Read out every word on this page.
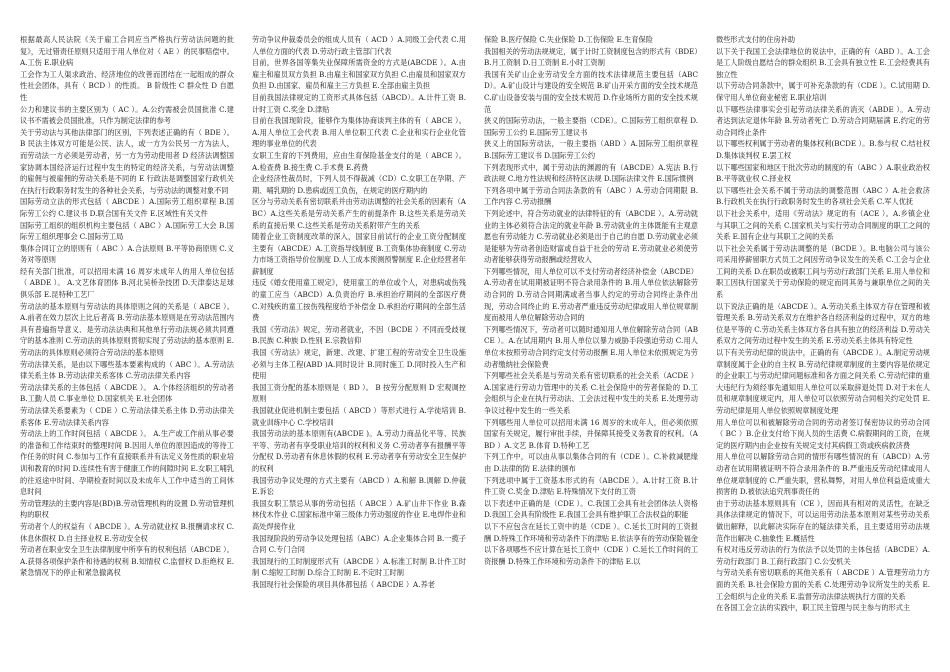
根据最高人民法院《关于雇工合同应当严格执行劳动法问题的批复》，无过错责任原则只适用于用人单位对（ AE ）的民事赔偿中。 A.工伤 E.职业病

工会作为工人渠求政治、经济地位的改善而团结在一起组成的群众性社会团体，具有（ BCD ）的性质。 B 阶级性 C 群众性 D 自愿性

公力和建议书的主要区别为（ AC ）。A.公约需被会员国批准 C.建议书不需被会员国批准，只作为制定法律的参考

关于劳动法与其他法律部门的区别，下列表述正确的有（ BDE ）。 B 民法主体双方可能是公民、法人，或一方为公民另一方为法人，而劳动法一方必须是劳动者，另一方为劳动使用者 D 经济法调整国家协调本国经济运行过程中发生的特定的经济关系，与劳动法调整的雇佣与被雇佣的劳动关系是不同的 E 行政法是调整国家行政机关在执行行政职务时发生的各种社会关系，与劳动法的调整对象不同

国际劳动立法的形式包括（ ABCDE ）A.国际劳工组织章程 B.国际劳工公约 C.建议书 D.联合国有关文件 E.区域性有关文件

国际劳工组织的组织机构主要包括（ ABC ）A.国际劳工大会 B.国际劳工组织理事会 C.国际劳工局

集体合同订立的原则有（ ABC ）A.合法原则 B.平等协商原则 C.义务对等原则

经有关部门批准，可以招用未满 16 周岁未成年人的用人单位包括（ ABDE ）。 A.文艺体育团体 B.河北吴桥杂技团 D.天津泰达足球俱乐部 E.昆特种工艺厂

劳动法的基本原则与劳动法的具体原则之间的关系是（ ABCE ）。 A.前者在效力层次上比后者高 B.劳动法基本原则是在劳动法范围内具有普遍指导意义、是劳动法法典和其他单行劳动法规必须共同遵守的基本准则 C.劳动法的具体原则贯彻实现了劳动法的基本原则 E.劳动法的具体原则必须符合劳动法的基本原则

劳动法律关系，是由以下哪些基本要素构成的（ ABC ）。A.劳动法律关系主体 B.劳动法律关系客体 C.劳动法律关系内容

劳动法律关系的主体包括（ ABCDE ）。 A.个体经济组织的劳动者 B.工勤人员 C.事业单位 D.国家机关 E.社会团体

劳动法律关系要素为（ CDE ）C.劳动法律关系主体 D.劳动法律关系客体 E.劳动法律关系内容

劳动法上的工作时间包括（ ABCDE ）。 A.生产或工作前从事必要的准备和工作结束时的整理时间 B.因用人单位的原因造成的等待工作任务的时间 C.参加与工作有直接联系并有法定义务性质的职业培训和教育的时间 D.连续性有害于健康工作的间隙时间 E.女职工哺乳的往返途中时间、孕期检查时间以及未成年人工作中适当的工间休息时间

劳动管理法的主要内容是(BD)B.劳动管理机构的设置 D.劳动管理机构的职权

劳动者个人的权益有（ ABCDE ）。A.劳动就业权 B.报酬请求权 C.休息休假权 D.自主择业权 E.劳动安全权

劳动者在职业安全卫生法律制度中所享有的权利包括（ABCDE ）。A.获得各项保护条件和待遇的权利 B.知情权 C.监督权 D.拒绝权 E.紧急情况下的停止和紧急撤离权

劳动争议仲裁委员会的组成人员有（ ACD ）A.同级工会代表 C.用人单位方面的代表 D.劳动行政主管部门代表

目前，世界各国等集失业保障所需资金的方式是(ABCDE ）。A.由雇主和雇员双方负担 B.由雇主和国家双方负担 C.由雇员和国家双方负担 D.由国家、雇员和雇主三方负担 E.全部由雇主负担

目前我国法律规定的工资形式具体包括（ABCD）。A.计件工资 B.计时工资 C.奖金 D.津贴

目前在我国现阶段，能够作为集体协商谈判主体的有（ ABCE ）。A.用人单位工会代表 B.用人单位职工代表 C.企业和实行企业化管理的事业单位的代表

女职工生育的下列费用，应由生育保险基金支付的是（ ABCE ）。A.检查费 B.接生费 C.手术费 E.药费

企业经济性裁员时，下列人员不得裁减（CD）C.女职工在孕期、产期、哺乳期的 D.患病或因工负伤，在规定的医疗期内的

区分与劳动关系有密切联系并由劳动法调整的社会关系的因素有（ABC）A.这些关系是劳动关系产生的前提条件 B.这些关系是劳动关系的直接后果 C.这些关系是劳动关系附带产生的关系

随着企业工资制度改革的深入，国家目前试行的企业工资分配制度主要有（ABCDE）A.工资指导线制度 B.工资集体协商制度 C.劳动力市场工资指导价位制度 D.人工成本预测预警制度 E.企业经营者年薪制度

违反《婚女使用童工规定》，使用童工的单位或个人，对患病或伤残的童工应当（ABCD）A.负责治疗 B.承担治疗期间的全部医疗费 C.对残疾的童工按伤残程度给予补偿金 D.承担治疗期间的全部生活费

我国《劳动法》规定，劳动者就业，不因（BCDE ）不同而受歧视 B.民族 C.种族 D.性别 E.宗教信仰

我国《劳动法》规定，新建、改建、扩建工程的劳动安全卫生设施必须与主体工程(ABD )A.同时设计 B.同时施工 D.同时投入生产和使用

我国工资分配的基本原则是（ BD ）。 B 按劳分配原则 D 宏观调控原则

我国就业促进机制主要包括（ ABCD ）等形式进行 A.学徒培训 B.就业训练中心 C.学校培训

我国劳动法的基本原则有(ABCDE )。A.劳动力商品化平等、民族平等、劳动者有享受职业培训的权利和义务 C.劳动者享有报酬平等分配权 D.劳动者有休息休假的权利 E.劳动者享有劳动安全卫生保护的权利

我国劳动争议处理的方式主要有（ABCD ）A.和解 B.调解 D.仲裁 E.诉讼

我国女职工禁忌从事的劳动包括（ ABCE ）A.矿山井下作业 B.森林伐木作业 C.国家标准中第三级体力劳动强度的作业 E.电焊作业和高处焊接作业

我国现阶段的劳动争议处理包括（ABC）A.企业集体合同 B.一揽子合同 C.专门合同

我国现行的工时制度形式有（ABCDE ）A.标准工时制 B.计件工时制 C.缩短工时制 D.综合工时制 E.不定时工时制

我国现行社会保险的项目具体都包括（ ABCDE ）A.养老

保险 B.医疗保险 C.失业保险 D.工伤保险 E.生育保险

我国相关的劳动法规规定，属于计时工资制度包含的形式有（BDE）B.月工资制 D.日工资制 E.小时工资制

我国有关矿山企业劳动安全方面的技术法律规范主要包括（ABCD）。A.矿山设计与建设的安全规范 B.矿山开采方面的安全技术规范 C.矿山设备安装与面的安全技术规范 D.作业场所方面的安全技术规范

狭义的国际劳动法，一般主要指（CDE）。C.国际劳工组织章程 D.国际劳工公约 E.国际劳工建议书

狭义上的国际劳动法，一般主要指（ABD ）A.国际劳工组织章程 B.国际劳工建议书 D.国际劳工公约

下列表现形式中，属于劳动法的渊源的有（ABCDE）A.宪法 B.行政法规 C.地方性法规和经济特区法规 D.国际法律文件 E.国际惯例

下列各项中属于劳动合同法条款的有（ABC ）A.劳动合同期限 B.工作内容 C.劳动报酬

下列论述中，符合劳动就业的法律特征的有（ABCDE ）。A.劳动就业的主体必须符合法定的就业年龄 B.劳动就业的主体既能有主观意愿也有劳动能力 C.劳动就业必须是出于自己的自愿 D.劳动就业必须是能够为劳动者创造财富或自益于社会的劳动 E.劳动就业必须使劳动者能够获得劳动报酬或经营收入

下列哪些情况，用人单位可以不支付劳动者经济补偿金（ABCDE）A.劳动者在试用期被证明不符合录用条件的 B.用人单位依法解除劳动合同的 D.劳动合同期满或者当事人约定的劳动合同终止条件出现，劳动合同终止的 E.劳动者严重违反劳动纪律或用人单位规章制度而被用人单位解除劳动合同的

下列哪些情况下，劳动者可以随时通知用人单位解除劳动合同（ABCE ）。A.在试用期内 B.用人单位以暴力威胁手段强迫劳动 C.用人单位未按照劳动合同约定支付劳动报酬 E.用人单位未依照规定为劳动者缴纳社会保险费

下列哪些社会关系是与劳动关系有密切联系的社会关系（ACDE ）A.国家进行劳动力管理中的关系 C.社会保险中的劳者保险的 D.工会组织与企业在执行劳动法、工会法过程中发生的关系 E.处理劳动争议过程中发生的一些关系

下列哪些用人单位可以招用未满 16 周岁的未成年人，但必须依照国家有关规定，履行审批手续，并保障其接受义务教育的权利。（ABD ）A.文艺 B.体育 D.特种工艺

下列工作中，可以由从事以集体合同的有（CDE ）。C.补救减肥缘由 D.法律的防 E.法律的颁布

下列选项中属于工资基本形式的有（ABCDE ）。A.计时工资 B.计件工资 C.奖金 D.津贴 E.特殊情况下支付的工资

以下表述中正确的是（CDE ）。C.我国工会具有社会团体法人资格 D.我国工会具有阶级性 E.我国工会具有维护职工合法权益的职能

以下不应包含在延长工资中的是（CDE ）。C.延长工时间的工资报酬 D.特殊工作环境和劳动条件下的津贴 E.依法享有的劳动保险福金

以下各项哪些不应计算在延长工资中（CDE ）C.延长工作时间的工资报酬 D.特殊工作环境和劳动条件下的津贴 E.以

微些形式支付的住房补助

以下关于我国工会法律地位的说法中，正确的有（ABD ）。A.工会是工人阶级自愿结合的群众组织 B.工会具有独立性 E.工会经费具有独立性

以下劳动合同条款中，属于可补充条款的有（CDE ）。C.试用期 D.保守用人单位商业秘密 E.职业培训

以下哪些法律事实会引起劳动法律关系的消灭（ABDE ）。A.劳动者达到法定退休年龄 B.劳动者死亡 D.劳动合同期届满 E.约定的劳动合同终止条件

以下哪些权利属于劳动者的集体权利(BCDE ）。B.参与权 C.结社权 D.集体谈判权 E.罢工权

以下哪些国家和地区于批次劳动的制度的有（ABC ）A.职业政治权 B.平等就业权 C.择业权

以下哪些社会关系不属于劳动法的调整范围（ABC ）A.社会救济 B.行政机关在执行行政职务时发生的各项社会关系 C.军人优抚

以下社会关系中，适用《劳动法》规定的有（ACE ）。A.乡镇企业与其职工之间的关系 C.国家机关与实行劳动合同制度的职工之间的关系 E.国有企业与其职工之间的关系

以下社会关系属于劳动法调整的是（BCDE ）。B.电脑公司与该公司采用停薪留职方式员工之间因劳动争议发生的关系 C.工会与企业工间的关系 D.在职员或被职工间与劳动行政部门关系 E.用人单位和职工因执行国家关于劳动保险的规定而同其务与兼职单位之间的关系

以下说法正确的是（ABCDE ）。A.劳动关系主体双方存在管理和被管理关系 B.劳动关系双方在维护各自经济利益的过程中，双方的地位是平等的 C.劳动关系主体双方各自具有独立的经济利益 D.劳动关系双方之间劳动过程中发生的关系 E.劳动关系主体具有特定性

以下有关劳动纪律的说法中，正确的有（ABCDE ）。A.制定劳动规章制度属于企业的自主权 B.劳动纪律规章制度的主要内容是依规定的企业职工与劳动纪律问题标准和各方面之间关系 C.劳动纪律的重大违纪行为须经事先通知用人单位可以采取辞退处罚 D.对于未在人员和规章制度规定内，用人单位可以依照劳动合同相关约定处罚 E.劳动纪律是用人单位依照规章制度处理

用人单位可以和被解除劳动合同的劳动者签订保密协议的劳动合同（ BC ）B.企业支付给下岗人员的生活费 C.病假期间的工资，在规定的医疗期内由企业按有关规定支付其病假工资或疾病救济费

用人单位可以解除劳动合同的情形有哪些情况的有（ABCD）A.劳动者在试用期被证明不符合录用条件的 B.严重违反劳动纪律或用人单位规章制度的 C.严重失职，营私舞弊，对用人单位利益造成重大损害的 D.被依法追究刑事责任的

由于劳动法基本原则具有（CE ），因而具有相对的灵活性，在缺乏具体法律规定的情况下，可以运用劳动法基本原则对某些劳动关系做出解释，以此解决实际存在的疑法律关系，且主要适用劳动法规范作出解决 C.抽象性 E.概括性

有权对违反劳动法的行为依法予以处罚的主体包括（ABCDE）A.劳动行政部门 B.工商行政部门 C.公安机关

与劳动关系有密切联系的其他关系有（ ABCDE ）A.管理劳动力方面的关系 B.社会保险方面的关系 C.处理劳动争议所发生的关系 E.工会组织与企业的关系 E.监督劳动法律法规执行方面的关系

在各国工会立法的实践中，职工民主管理与民主参与的形式主
